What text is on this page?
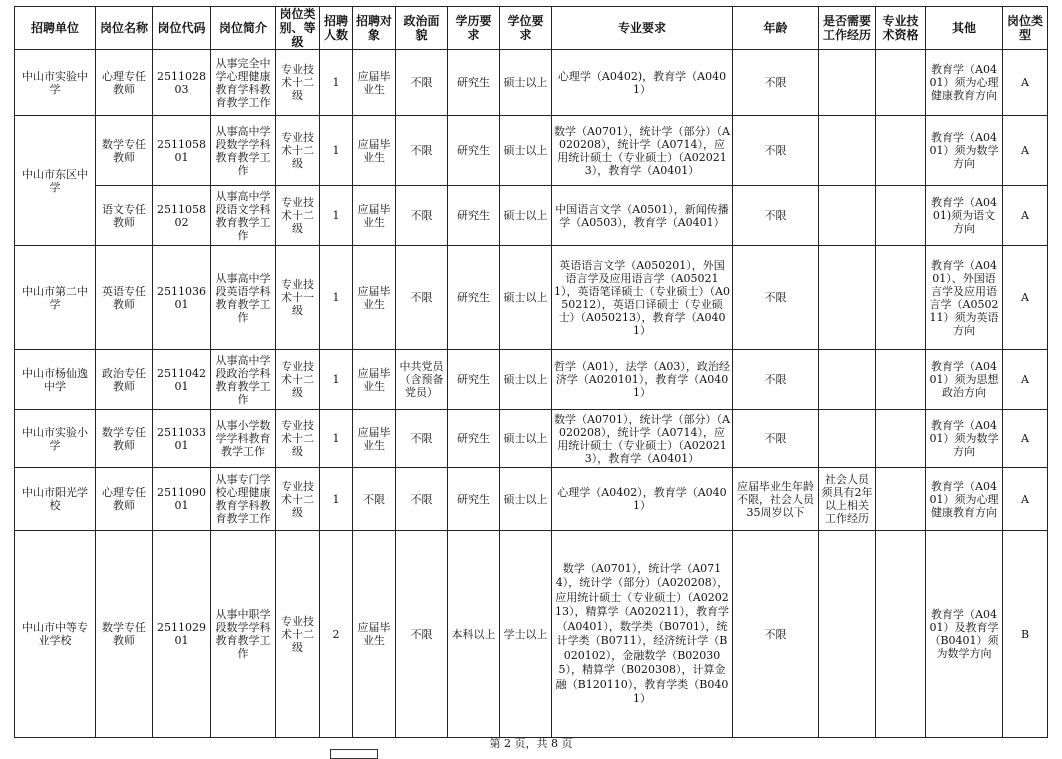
招聘单位	岗位名称	岗位代码	岗位简介	岗位类别、等级	招聘人数	招聘对象	政治面貌	学历要求	学位要求	专业要求	年龄	是否需要工作经历	专业技术资格	其他	岗位类型
中山市实验中学	心理专任教师	251102803	从事完全中学心理健康教育学科教育教学工作	专业技术十二级	1	应届毕业生	不限	研究生	硕士以上	心理学（A0402)，教育学（A0401）	不限			教育学（A0401）须为心理健康教育方向	A
中山市东区中学	数学专任教师	251105801	从事高中学段数学学科教育教学工作	专业技术十二级	1	应届毕业生	不限	研究生	硕士以上	数学（A0701），统计学（部分）（A020208），统计学（A0714），应用统计硕士（专业硕士）（A020213），教育学（A0401）	不限			教育学（A0401）须为数学方向	A
	语文专任教师	251105802	从事高中学段语文学科教育教学工作	专业技术十二级	1	应届毕业生	不限	研究生	硕士以上	中国语言文学（A0501），新闻传播学（A0503），教育学（A0401）	不限			教育学（A0401)须为语文方向	A
中山市第二中学	英语专任教师	251103601	从事高中学段英语学科教育教学工作	专业技术十一级	1	应届毕业生	不限	研究生	硕士以上	英语语言文学（A050201），外国语言学及应用语言学（A050211），英语笔译硕士（专业硕士）（A050212），英语口译硕士（专业硕士）（A050213），教育学（A0401）	不限			教育学（A0401）、外国语言学及应用语言学（A050211）须为英语方向	A
中山市杨仙逸中学	政治专任教师	251104201	从事高中学段政治学科教育教学工作	专业技术十二级	1	应届毕业生	中共党员（含预备党员）	研究生	硕士以上	哲学（A01），法学（A03），政治经济学（A020101），教育学（A0401）	不限			教育学（A0401）须为思想政治方向	A
中山市实验小学	数学专任教师	251103301	从事小学数学学科教育教学工作	专业技术十二级	1	应届毕业生	不限	研究生	硕士以上	数学（A0701），统计学（部分）（A020208），统计学（A0714），应用统计硕士（专业硕士）（A020213），教育学（A0401）	不限			教育学（A0401）须为数学方向	A
中山市阳光学校	心理专任教师	251109001	从事专门学校心理健康教育学科教育教学工作	专业技术十二级	1	不限	不限	研究生	硕士以上	心理学（A0402），教育学（A0401）	应届毕业生年龄不限，社会人员35周岁以下	社会人员须具有2年以上相关工作经历		教育学（A0401）须为心理健康教育方向	A
中山市中等专业学校	数学专任教师	251102901	从事中职学段数学学科教育教学工作	专业技术十二级	2	应届毕业生	不限	本科以上	学士以上	数学（A0701），统计学（A0714），统计学（部分）（A020208），应用统计硕士（专业硕士）（A020213），精算学（A020211），教育学（A0401），数学类（B0701），统计学类（B0711），经济统计学（B020102），金融数学（B020305），精算学（B020308），计算金融（B120110），教育学类（B0401）	不限			教育学（A0401）及教育学（B0401）须为数学方向	B
第 2 页，共 8 页
